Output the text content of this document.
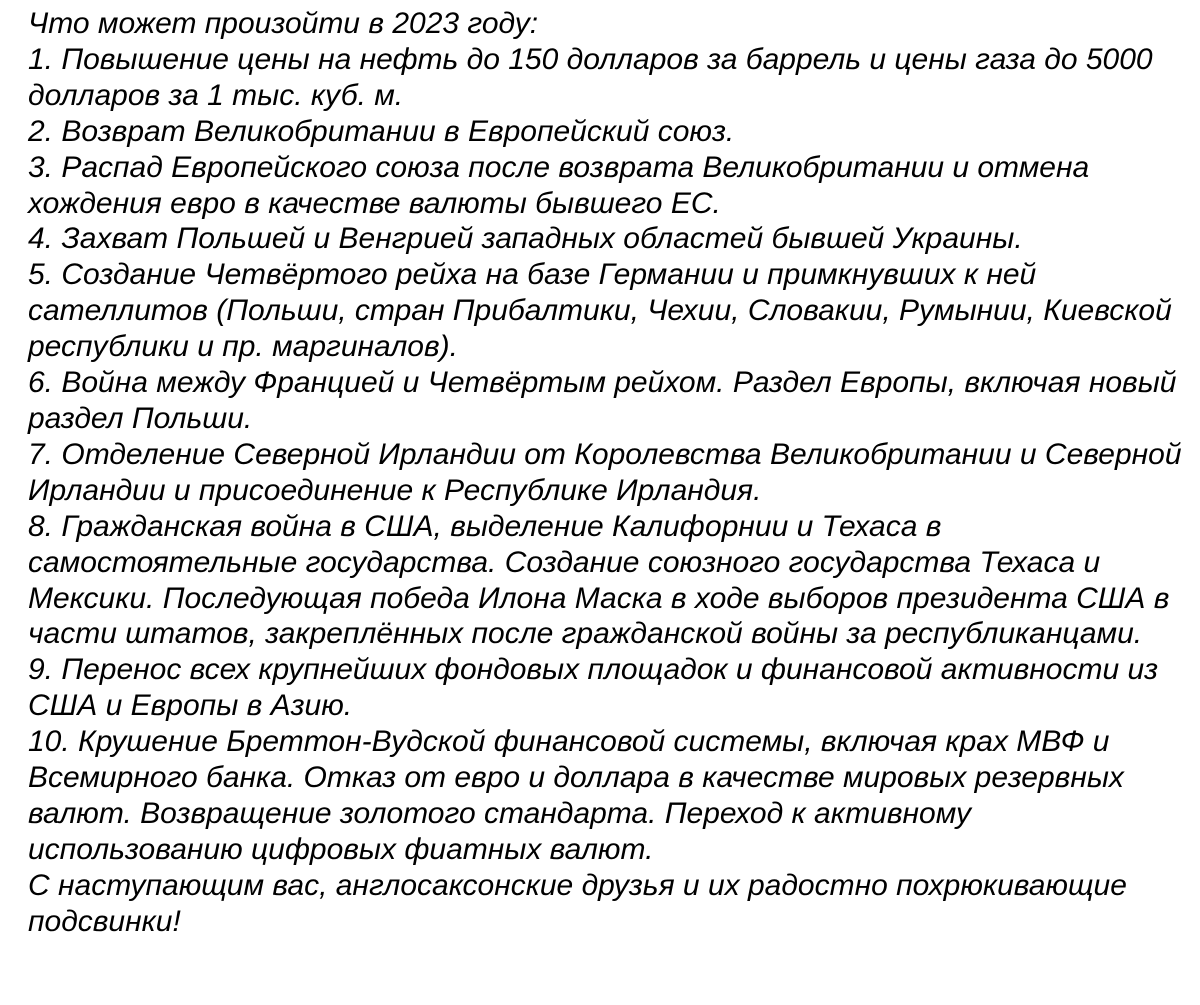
Что может произойти в 2023 году:

1. Повышение цены на нефть до 150 долларов за баррель и цены газа до 5000 долларов за 1 тыс. куб. м.

2. Возврат Великобритании в Европейский союз.

3. Распад Европейского союза после возврата Великобритании и отмена хождения евро в качестве валюты бывшего ЕС.

4. Захват Польшей и Венгрией западных областей бывшей Украины.

5. Создание Четвёртого рейха на базе Германии и примкнувших к ней сателлитов (Польши, стран Прибалтики, Чехии, Словакии, Румынии, Киевской республики и пр. маргиналов).

6. Война между Францией и Четвёртым рейхом. Раздел Европы, включая новый раздел Польши.

7. Отделение Северной Ирландии от Королевства Великобритании и Северной Ирландии и присоединение к Республике Ирландия.

8. Гражданская война в США, выделение Калифорнии и Техаса в самостоятельные государства. Создание союзного государства Техаса и Мексики. Последующая победа Илона Маска в ходе выборов президента США в части штатов, закреплённых после гражданской войны за республиканцами.

9. Перенос всех крупнейших фондовых площадок и финансовой активности из США и Европы в Азию.

10. Крушение Бреттон-Вудской финансовой системы, включая крах МВФ и Всемирного банка. Отказ от евро и доллара в качестве мировых резервных валют. Возвращение золотого стандарта. Переход к активному использованию цифровых фиатных валют.

С наступающим вас, англосаксонские друзья и их радостно похрюкивающие подсвинки!
